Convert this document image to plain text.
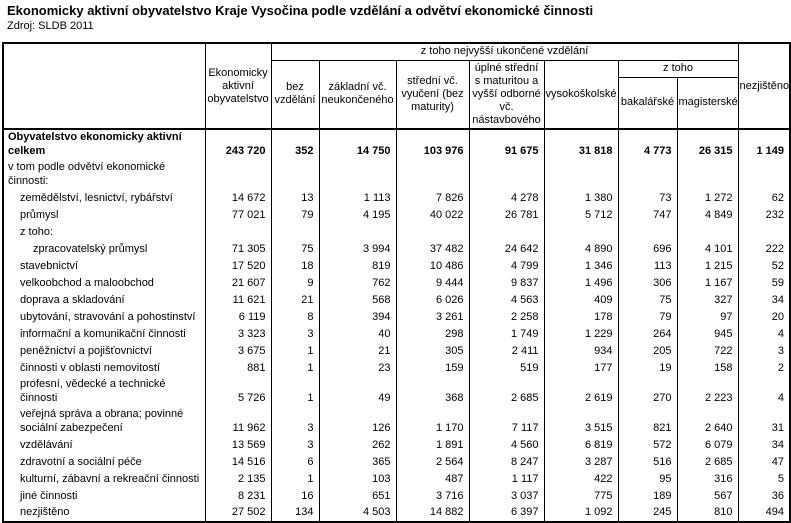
Ekonomicky aktivní obyvatelstvo Kraje Vysočina podle vzdělání a odvětví ekonomické činnosti
Zdroj: SLDB 2011
	Ekonomicky aktivní obyvatelstvo	z toho nejvyšší ukončené vzdělání							nezjištěno
		bez vzdělání	základní vč. neukončeného	střední vč. vyučení (bez maturity)	úplné střední s maturitou a vyšší odborné vč. nástavbového	vysokoškolské	z toho		
							bakalářské	magisterské	
Obyvatelstvo ekonomicky aktivní celkem	243 720	352	14 750	103 976	91 675	31 818	4 773	26 315	1 149
v tom podle odvětví ekonomické činnosti:									
zemědělství, lesnictví, rybářství	14 672	13	1 113	7 826	4 278	1 380	73	1 272	62
průmysl	77 021	79	4 195	40 022	26 781	5 712	747	4 849	232
z toho:									
zpracovatelský průmysl	71 305	75	3 994	37 482	24 642	4 890	696	4 101	222
stavebnictví	17 520	18	819	10 486	4 799	1 346	113	1 215	52
velkoobchod a maloobchod	21 607	9	762	9 444	9 837	1 496	306	1 167	59
doprava a skladování	11 621	21	568	6 026	4 563	409	75	327	34
ubytování, stravování a pohostinství	6 119	8	394	3 261	2 258	178	79	97	20
informační a komunikační činnosti	3 323	3	40	298	1 749	1 229	264	945	4
peněžnictví a pojišťovnictví	3 675	1	21	305	2 411	934	205	722	3
činnosti v oblasti nemovitostí	881	1	23	159	519	177	19	158	2
profesní, vědecké a technické činnosti	5 726	1	49	368	2 685	2 619	270	2 223	4
veřejná správa a obrana; povinné sociální zabezpečení	11 962	3	126	1 170	7 117	3 515	821	2 640	31
vzdělávání	13 569	3	262	1 891	4 560	6 819	572	6 079	34
zdravotní a sociální péče	14 516	6	365	2 564	8 247	3 287	516	2 685	47
kulturní, zábavní a rekreační činnosti	2 135	1	103	487	1 117	422	95	316	5
jiné činnosti	8 231	16	651	3 716	3 037	775	189	567	36
nezjištěno	27 502	134	4 503	14 882	6 397	1 092	245	810	494
